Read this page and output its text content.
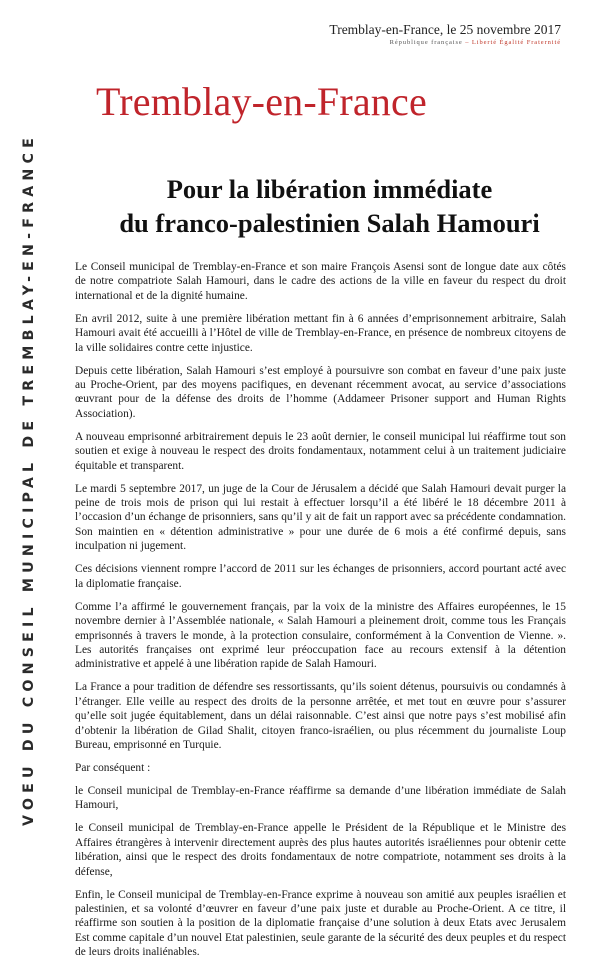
VOEU DU CONSEIL MUNICIPAL DE TREMBLAY-EN-FRANCE
Tremblay-en-France, le 25 novembre 2017
République française – Liberté Égalité Fraternité
Tremblay-en-France
Pour la libération immédiate
du franco-palestinien Salah Hamouri

Le Conseil municipal de Tremblay-en-France et son maire François Asensi sont de longue date aux côtés de notre compatriote Salah Hamouri, dans le cadre des actions de la ville en faveur du respect du droit international et de la dignité humaine.

En avril 2012, suite à une première libération mettant fin à 6 années d’emprisonnement arbitraire, Salah Hamouri avait été accueilli à l’Hôtel de ville de Tremblay-en-France, en présence de nombreux citoyens de la ville solidaires contre cette injustice.

Depuis cette libération, Salah Hamouri s’est employé à poursuivre son combat en faveur d’une paix juste au Proche-Orient, par des moyens pacifiques, en devenant récemment avocat, au service d’associations œuvrant pour de la défense des droits de l’homme (Addameer Prisoner support and Human Rights Association).

A nouveau emprisonné arbitrairement depuis le 23 août dernier, le conseil municipal lui réaffirme tout son soutien et exige à nouveau le respect des droits fondamentaux, notamment celui à un traitement judiciaire équitable et transparent.

Le mardi 5 septembre 2017, un juge de la Cour de Jérusalem a décidé que Salah Hamouri devait purger la peine de trois mois de prison qui lui restait à effectuer lorsqu’il a été libéré le 18 décembre 2011 à l’occasion d’un échange de prisonniers, sans qu’il y ait de fait un rapport avec sa précédente condamnation. Son maintien en « détention administrative » pour une durée de 6 mois a été confirmé depuis, sans inculpation ni jugement.

Ces décisions viennent rompre l’accord de 2011 sur les échanges de prisonniers, accord pourtant acté avec la diplomatie française.

Comme l’a affirmé le gouvernement français, par la voix de la ministre des Affaires européennes, le 15 novembre dernier à l’Assemblée nationale, « Salah Hamouri a pleinement droit, comme tous les Français emprisonnés à travers le monde, à la protection consulaire, conformément à la Convention de Vienne. ». Les autorités françaises ont exprimé leur préoccupation face au recours extensif à la détention administrative et appelé à une libération rapide de Salah Hamouri.

La France a pour tradition de défendre ses ressortissants, qu’ils soient détenus, poursuivis ou condamnés à l’étranger. Elle veille au respect des droits de la personne arrêtée, et met tout en œuvre pour s’assurer qu’elle soit jugée équitablement, dans un délai raisonnable. C’est ainsi que notre pays s’est mobilisé afin d’obtenir la libération de Gilad Shalit, citoyen franco-israélien, ou plus récemment du journaliste Loup Bureau, emprisonné en Turquie.

Par conséquent :

le Conseil municipal de Tremblay-en-France réaffirme sa demande d’une libération immédiate de Salah Hamouri,

le Conseil municipal de Tremblay-en-France appelle le Président de la République et le Ministre des Affaires étrangères à intervenir directement auprès des plus hautes autorités israéliennes pour obtenir cette libération, ainsi que le respect des droits fondamentaux de notre compatriote, notamment ses droits à la défense,

Enfin, le Conseil municipal de Tremblay-en-France exprime à nouveau son amitié aux peuples israélien et palestinien, et sa volonté d’œuvrer en faveur d’une paix juste et durable au Proche-Orient. A ce titre, il réaffirme son soutien à la position de la diplomatie française d’une solution à deux Etats avec Jerusalem Est comme capitale d’un nouvel Etat palestinien, seule garante de la sécurité des deux peuples et du respect de leurs droits inaliénables.
